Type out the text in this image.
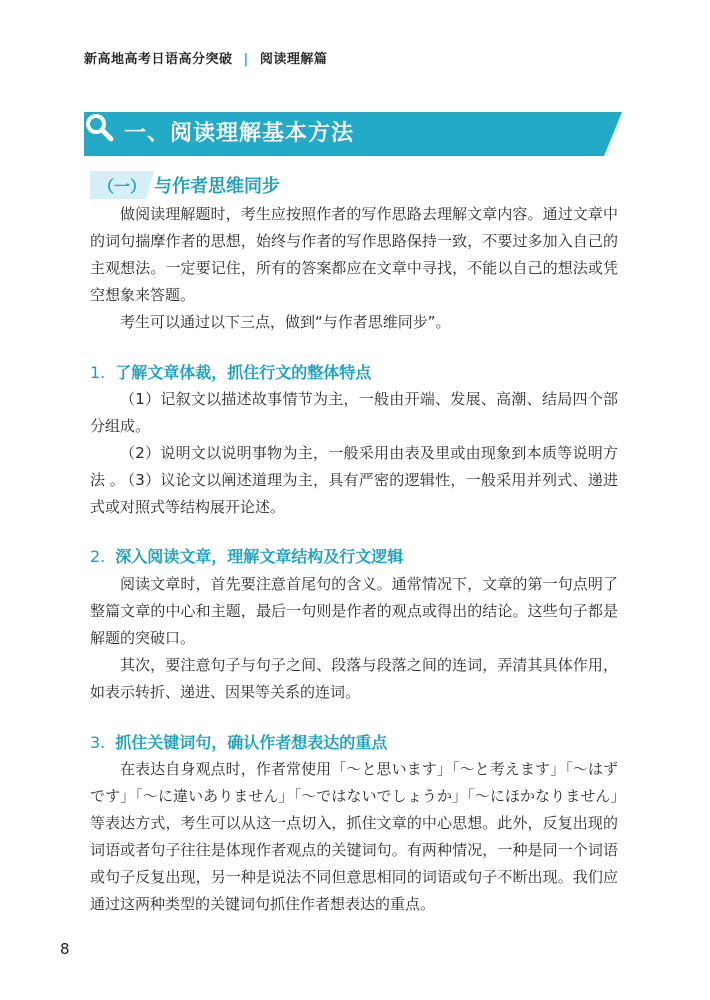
新高地高考日语高分突破 | 阅读理解篇
一、阅读理解基本方法
（一） 与作者思维同步

做阅读理解题时，考生应按照作者的写作思路去理解文章内容。通过文章中的词句揣摩作者的思想，始终与作者的写作思路保持一致，不要过多加入自己的主观想法。一定要记住，所有的答案都应在文章中寻找，不能以自己的想法或凭空想象来答题。

考生可以通过以下三点，做到“与作者思维同步”。

1. 了解文章体裁，抓住行文的整体特点

（1）记叙文以描述故事情节为主，一般由开端、发展、高潮、结局四个部分组成。

（2）说明文以说明事物为主，一般采用由表及里或由现象到本质等说明方法 。

（3）议论文以阐述道理为主，具有严密的逻辑性，一般采用并列式、递进式或对照式等结构展开论述。

2. 深入阅读文章，理解文章结构及行文逻辑

阅读文章时，首先要注意首尾句的含义。通常情况下，文章的第一句点明了整篇文章的中心和主题，最后一句则是作者的观点或得出的结论。这些句子都是解题的突破口。

其次，要注意句子与句子之间、段落与段落之间的连词，弄清其具体作用，如表示转折、递进、因果等关系的连词。

3. 抓住关键词句，确认作者想表达的重点

在表达自身观点时，作者常使用「～と思います」「～と考えます」「～はずです」「～に違いありません」「～ではないでしょうか」「～にほかなりません」等表达方式，考生可以从这一点切入，抓住文章的中心思想。此外，反复出现的词语或者句子往往是体现作者观点的关键词句。有两种情况，一种是同一个词语或句子反复出现，另一种是说法不同但意思相同的词语或句子不断出现。我们应通过这两种类型的关键词句抓住作者想表达的重点。

8
